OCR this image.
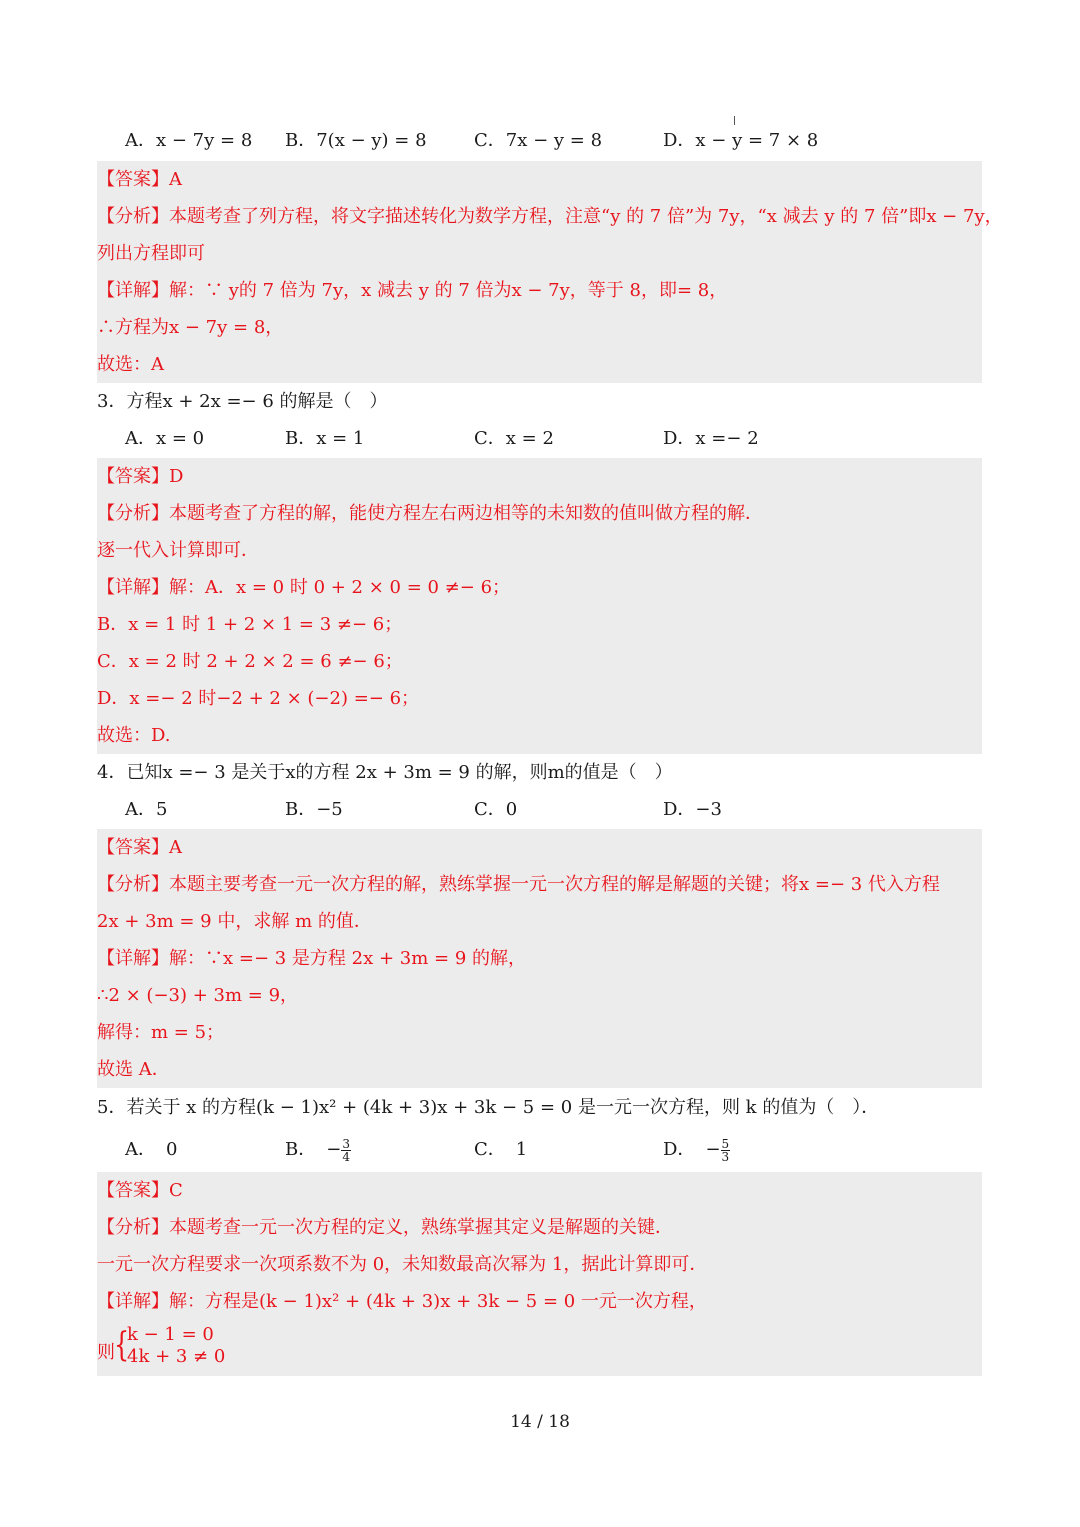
A．x − 7y = 8 B．7(x − y) = 8	C．7x − y = 8	D．x − y = 7 × 8
【答案】A
【分析】本题考查了列方程，将文字描述转化为数学方程，注意“y 的 7 倍”为 7y，“x 减去 y 的 7 倍”即x − 7y，
列出方程即可
【详解】解：∵ y的 7 倍为 7y，x 减去 y 的 7 倍为x − 7y，等于 8，即= 8，
∴方程为x − 7y = 8，
故选：A
3．方程x + 2x =− 6 的解是（　）
A．x = 0	B．x = 1	C．x = 2	D．x =− 2
【答案】D
【分析】本题考查了方程的解，能使方程左右两边相等的未知数的值叫做方程的解．
逐一代入计算即可．
【详解】解：A．x = 0 时 0 + 2 × 0 = 0 ≠− 6；
B．x = 1 时 1 + 2 × 1 = 3 ≠− 6；
C．x = 2 时 2 + 2 × 2 = 6 ≠− 6；
D．x =− 2 时−2 + 2 × (−2) =− 6；
故选：D.
4．已知x =− 3 是关于x的方程 2x + 3m = 9 的解，则m的值是（　）
A．5	B．−5	C．0	D．−3
【答案】A
【分析】本题主要考查一元一次方程的解，熟练掌握一元一次方程的解是解题的关键；将x =− 3 代入方程
2x + 3m = 9 中，求解 m 的值．
【详解】解：∵x =− 3 是方程 2x + 3m = 9 的解，
∴2 × (−3) + 3m = 9，
解得：m = 5；
故选 A．
5．若关于 x 的方程(k − 1)x² + (4k + 3)x + 3k − 5 = 0 是一元一次方程，则 k 的值为（　）．
A． 0	B． − $\frac{3}{4}$	C． 1	D． − $\frac{5}{3}$
【答案】C
【分析】本题考查一元一次方程的定义，熟练掌握其定义是解题的关键．
一元一次方程要求一次项系数不为 0，未知数最高次幂为 1，据此计算即可．
【详解】解：方程是(k − 1)x² + (4k + 3)x + 3k − 5 = 0 一元一次方程，
则 {
k − 1 = 0
4k + 3 ≠ 0
14 / 18
